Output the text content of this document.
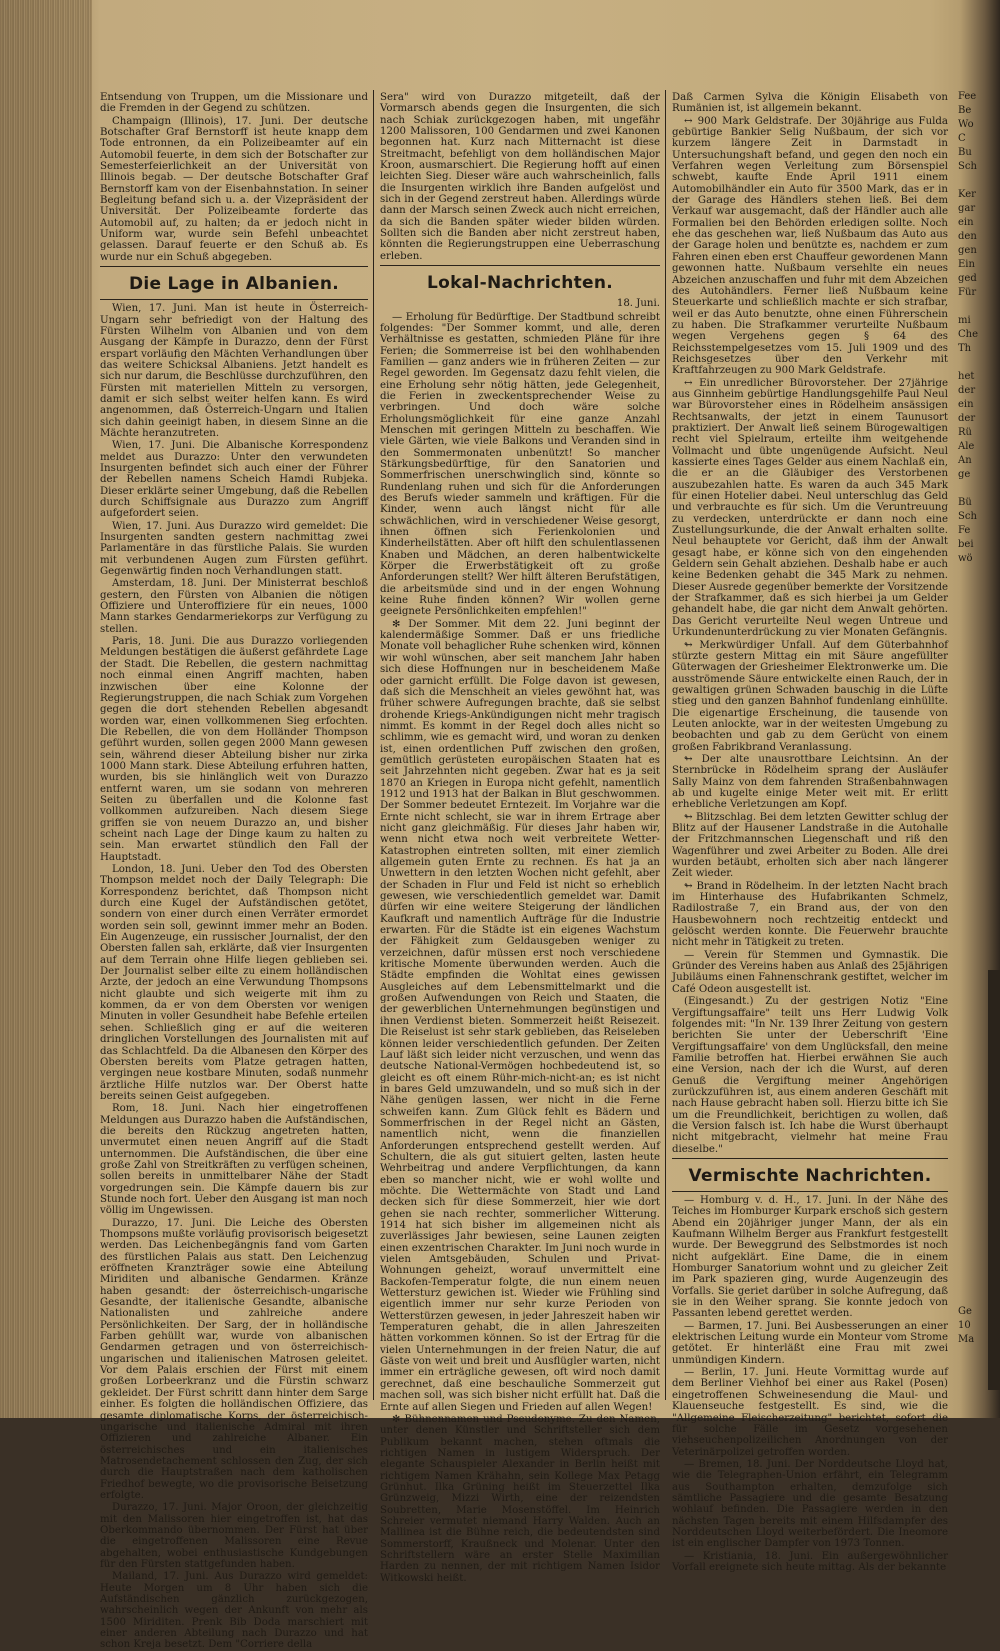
Entsendung von Truppen, um die Missionare und die Fremden in der Gegend zu schützen.

Champaign (Illinois), 17. Juni. Der deutsche Botschafter Graf Bernstorff ist heute knapp dem Tode entronnen, da ein Polizeibeamter auf ein Automobil feuerte, in dem sich der Botschafter zur Semesterfeierlichkeit an der Universität von Illinois begab. — Der deutsche Botschafter Graf Bernstorff kam von der Eisenbahnstation. In seiner Begleitung befand sich u. a. der Vizepräsident der Universität. Der Polizeibeamte forderte das Automobil auf, zu halten; da er jedoch nicht in Uniform war, wurde sein Befehl unbeachtet gelassen. Darauf feuerte er den Schuß ab. Es wurde nur ein Schuß abgegeben.

Die Lage in Albanien.

Wien, 17. Juni. Man ist heute in Österreich-Ungarn sehr befriedigt von der Haltung des Fürsten Wilhelm von Albanien und von dem Ausgang der Kämpfe in Durazzo, denn der Fürst erspart vorläufig den Mächten Verhandlungen über das weitere Schicksal Albaniens. Jetzt handelt es sich nur darum, die Beschlüsse durchzuführen, den Fürsten mit materiellen Mitteln zu versorgen, damit er sich selbst weiter helfen kann. Es wird angenommen, daß Österreich-Ungarn und Italien sich dahin geeinigt haben, in diesem Sinne an die Mächte heranzutreten.

Wien, 17. Juni. Die Albanische Korrespondenz meldet aus Durazzo: Unter den verwundeten Insurgenten befindet sich auch einer der Führer der Rebellen namens Scheich Hamdi Rubjeka. Dieser erklärte seiner Umgebung, daß die Rebellen durch Schiffsignale aus Durazzo zum Angriff aufgefordert seien.

Wien, 17. Juni. Aus Durazzo wird gemeldet: Die Insurgenten sandten gestern nachmittag zwei Parlamentäre in das fürstliche Palais. Sie wurden mit verbundenen Augen zum Fürsten geführt. Gegenwärtig finden noch Verhandlungen statt.

Amsterdam, 18. Juni. Der Ministerrat beschloß gestern, den Fürsten von Albanien die nötigen Offiziere und Unteroffiziere für ein neues, 1000 Mann starkes Gendarmeriekorps zur Verfügung zu stellen.

Paris, 18. Juni. Die aus Durazzo vorliegenden Meldungen bestätigen die äußerst gefährdete Lage der Stadt. Die Rebellen, die gestern nachmittag noch einmal einen Angriff machten, haben inzwischen über eine Kolonne der Regierungstruppen, die nach Schiak zum Vorgehen gegen die dort stehenden Rebellen abgesandt worden war, einen vollkommenen Sieg erfochten. Die Rebellen, die von dem Holländer Thompson geführt wurden, sollen gegen 2000 Mann gewesen sein, während dieser Abteilung bisher nur zirka 1000 Mann stark. Diese Abteilung erfuhren hatten, wurden, bis sie hinlänglich weit von Durazzo entfernt waren, um sie sodann von mehreren Seiten zu überfallen und die Kolonne fast vollkommen aufzureiben. Nach diesem Siege griffen sie von neuem Durazzo an, und bisher scheint nach Lage der Dinge kaum zu halten zu sein. Man erwartet stündlich den Fall der Hauptstadt.

London, 18. Juni. Ueber den Tod des Obersten Thompson meldet noch der Daily Telegraph: Die Korrespondenz berichtet, daß Thompson nicht durch eine Kugel der Aufständischen getötet, sondern von einer durch einen Verräter ermordet worden sein soll, gewinnt immer mehr an Boden. Ein Augenzeuge, ein russischer Journalist, der den Obersten fallen sah, erklärte, daß vier Insurgenten auf dem Terrain ohne Hilfe liegen geblieben sei. Der Journalist selber eilte zu einem holländischen Arzte, der jedoch an eine Verwundung Thompsons nicht glaubte und sich weigerte mit ihm zu kommen, da er von dem Obersten vor wenigen Minuten in voller Gesundheit habe Befehle erteilen sehen. Schließlich ging er auf die weiteren dringlichen Vorstellungen des Journalisten mit auf das Schlachtfeld. Da die Albanesen den Körper des Obersten bereits vom Platze getragen hatten, vergingen neue kostbare Minuten, sodaß nunmehr ärztliche Hilfe nutzlos war. Der Oberst hatte bereits seinen Geist aufgegeben.

Rom, 18. Juni. Nach hier eingetroffenen Meldungen aus Durazzo haben die Aufständischen, die bereits den Rückzug angetreten hatten, unvermutet einen neuen Angriff auf die Stadt unternommen. Die Aufständischen, die über eine große Zahl von Streitkräften zu verfügen scheinen, sollen bereits in unmittelbarer Nähe der Stadt vorgedrungen sein. Die Kämpfe dauern bis zur Stunde noch fort. Ueber den Ausgang ist man noch völlig im Ungewissen.

Durazzo, 17. Juni. Die Leiche des Obersten Thompsons mußte vorläufig provisorisch beigesetzt werden. Das Leichenbegängnis fand vom Garten des fürstlichen Palais aus statt. Den Leichenzug eröffneten Kranzträger sowie eine Abteilung Miriditen und albanische Gendarmen. Kränze haben gesandt: der österreichisch-ungarische Gesandte, der italienische Gesandte, albanische Nationalisten und zahlreiche andere Persönlichkeiten. Der Sarg, der in holländische Farben gehüllt war, wurde von albanischen Gendarmen getragen und von österreichisch-ungarischen und italienischen Matrosen geleitet. Vor dem Palais erschien der Fürst mit einem großen Lorbeerkranz und die Fürstin schwarz gekleidet. Der Fürst schritt dann hinter dem Sarge einher. Es folgten die holländischen Offiziere, das gesamte diplomatische Korps, der österreichisch-ungarische und italienische Admiral mit ihren Offizieren und zahlreiche Albaner. Ein österreichisches und ein italienisches Matrosendetachement schlossen den Zug, der sich durch die Hauptstraßen nach dem katholischen Friedhof bewegte, wo die provisorische Beisetzung erfolgte.

Durazzo, 17. Juni. Major Oroon, der gleichzeitig mit den Malissoren hier eingetroffen ist, hat das Oberkommando übernommen. Der Fürst hat über die eingetroffenen Malissoren eine Revue abgehalten, wobei enthusiastische Kundgebungen für den Fürsten stattgefunden haben.

Mailand, 17. Juni. Aus Durazzo wird gemeldet: Heute Morgen um 8 Uhr haben sich die Aufständischen gänzlich zurückgezogen, wahrscheinlich wegen der Ankunft von mehr als 1500 Miriditen. Prenk Bib Doda marschiert mit einer anderen Abteilung nach Durazzo und hat schon Kreja besetzt. Dem "Corriere della

Sera" wird von Durazzo mitgeteilt, daß der Vormarsch abends gegen die Insurgenten, die sich nach Schiak zurückgezogen haben, mit ungefähr 1200 Malissoren, 100 Gendarmen und zwei Kanonen begonnen hat. Kurz nach Mitternacht ist diese Streitmacht, befehligt von dem holländischen Major Kroon, ausmarschiert. Die Regierung hofft auf einen leichten Sieg. Dieser wäre auch wahrscheinlich, falls die Insurgenten wirklich ihre Banden aufgelöst und sich in der Gegend zerstreut haben. Allerdings würde dann der Marsch seinen Zweck auch nicht erreichen, da sich die Banden später wieder bilden würden. Sollten sich die Banden aber nicht zerstreut haben, könnten die Regierungstruppen eine Ueberraschung erleben.

Lokal-Nachrichten.
18. Juni.

— Erholung für Bedürftige. Der Stadtbund schreibt folgendes: "Der Sommer kommt, und alle, deren Verhältnisse es gestatten, schmieden Pläne für ihre Ferien; die Sommerreise ist bei den wohlhabenden Familien — ganz anders wie in früheren Zeiten — zur Regel geworden. Im Gegensatz dazu fehlt vielen, die eine Erholung sehr nötig hätten, jede Gelegenheit, die Ferien in zweckentsprechender Weise zu verbringen. Und doch wäre solche Erholungsmöglichkeit für eine ganze Anzahl Menschen mit geringen Mitteln zu beschaffen. Wie viele Gärten, wie viele Balkons und Veranden sind in den Sommermonaten unbenützt! So mancher Stärkungsbedürftige, für den Sanatorien und Sommerfrischen unerschwinglich sind, könnte so Rundenlang ruhen und sich für die Anforderungen des Berufs wieder sammeln und kräftigen. Für die Kinder, wenn auch längst nicht für alle schwächlichen, wird in verschiedener Weise gesorgt, ihnen öffnen sich Ferienkolonien und Kinderheilstätten. Aber oft hilft den schulentlassenen Knaben und Mädchen, an deren halbentwickelte Körper die Erwerbstätigkeit oft zu große Anforderungen stellt? Wer hilft älteren Berufstätigen, die arbeitsmüde sind und in der engen Wohnung keine Ruhe finden können? Wir wollen gerne geeignete Persönlichkeiten empfehlen!"

✻ Der Sommer. Mit dem 22. Juni beginnt der kalendermäßige Sommer. Daß er uns friedliche Monate voll behaglicher Ruhe schenken wird, können wir wohl wünschen, aber seit manchem Jahr haben sich diese Hoffnungen nur in bescheidenem Maße oder garnicht erfüllt. Die Folge davon ist gewesen, daß sich die Menschheit an vieles gewöhnt hat, was früher schwere Aufregungen brachte, daß sie selbst drohende Kriegs-Ankündigungen nicht mehr tragisch nimmt. Es kommt in der Regel doch alles nicht so schlimm, wie es gemacht wird, und woran zu denken ist, einen ordentlichen Puff zwischen den großen, gemütlich gerüsteten europäischen Staaten hat es seit Jahrzehnten nicht gegeben. Zwar hat es ja seit 1870 an Kriegen in Europa nicht gefehlt, namentlich 1912 und 1913 hat der Balkan in Blut geschwommen. Der Sommer bedeutet Erntezeit. Im Vorjahre war die Ernte nicht schlecht, sie war in ihrem Ertrage aber nicht ganz gleichmäßig. Für dieses Jahr haben wir, wenn nicht etwa noch weit verbreitete Wetter-Katastrophen eintreten sollten, mit einer ziemlich allgemein guten Ernte zu rechnen. Es hat ja an Unwettern in den letzten Wochen nicht gefehlt, aber der Schaden in Flur und Feld ist nicht so erheblich gewesen, wie verschiedentlich gemeldet war. Damit dürfen wir eine weitere Steigerung der ländlichen Kaufkraft und namentlich Aufträge für die Industrie erwarten. Für die Städte ist ein eigenes Wachstum der Fähigkeit zum Geldausgeben weniger zu verzeichnen, dafür müssen erst noch verschiedene kritische Momente überwunden werden. Auch die Städte empfinden die Wohltat eines gewissen Ausgleiches auf dem Lebensmittelmarkt und die großen Aufwendungen von Reich und Staaten, die der gewerblichen Unternehmungen begünstigen und ihnen Verdienst bieten. Sommerzeit heißt Reisezeit. Die Reiselust ist sehr stark geblieben, das Reiseleben können leider verschiedentlich gefunden. Der Zeiten Lauf läßt sich leider nicht verzuschen, und wenn das deutsche National-Vermögen hochbedeutend ist, so gleicht es oft einem Rühr-mich-nicht-an; es ist nicht in bares Geld umzuwandeln, und so muß sich in der Nähe genügen lassen, wer nicht in die Ferne schweifen kann. Zum Glück fehlt es Bädern und Sommerfrischen in der Regel nicht an Gästen, namentlich nicht, wenn die finanziellen Anforderungen entsprechend gestellt werden. Auf Schultern, die als gut situiert gelten, lasten heute Wehrbeitrag und andere Verpflichtungen, da kann eben so mancher nicht, wie er wohl wollte und möchte. Die Wettermächte von Stadt und Land decken sich für diese Sommerzeit, hier wie dort gehen sie nach rechter, sommerlicher Witterung. 1914 hat sich bisher im allgemeinen nicht als zuverlässiges Jahr bewiesen, seine Launen zeigten einen exzentrischen Charakter. Im Juni noch wurde in vielen Amtsgebäuden, Schulen und Privat-Wohnungen geheizt, worauf unvermittelt eine Backofen-Temperatur folgte, die nun einem neuen Wettersturz gewichen ist. Wieder wie Frühling sind eigentlich immer nur sehr kurze Perioden von Wetterstürzen gewesen, in jeder Jahreszeit haben wir Temperaturen gehabt, die in allen Jahreszeiten hätten vorkommen können. So ist der Ertrag für die vielen Unternehmungen in der freien Natur, die auf Gäste von weit und breit und Ausflügler warten, nicht immer ein erträgliche gewesen, oft wird noch damit gerechnet, daß eine beschauliche Sommerzeit gut machen soll, was sich bisher nicht erfüllt hat. Daß die Ernte auf allen Siegen und Frieden auf allen Wegen!

✻ Bühnennamen und Pseudonyme. Zu den Namen, unter denen Künstler und Schriftsteller sich dem Publikum bekannt machen, stehen oftmals die richtigen Namen in lustigem Widerspruch. Der elegante Schauspieler Alexander in Berlin heißt mit richtigem Namen Krähahn, sein Kollege Max Petagg Grünhut. Ilka Grüning heißt im Steuerzettel Ilka Grünzweig, Mizzi Wirth, eine der reizendsten Soubretten, Marie Mosenstöffel. Im Heinrich Schreier vermutet niemand Harry Walden. Auch an Mallinea ist die Bühne reich, die bedeutendsten sind Sommerstorff, Kraußneck und Molenar. Unter den Schriftstellern wäre an erster Stelle Maximilian Harden zu nennen, der mit richtigem Namen Isidor Witkowski heißt.

Daß Carmen Sylva die Königin Elisabeth von Rumänien ist, ist allgemein bekannt.

↔ 900 Mark Geldstrafe. Der 30jährige aus Fulda gebürtige Bankier Selig Nußbaum, der sich vor kurzem längere Zeit in Darmstadt in Untersuchungshaft befand, und gegen den noch ein Verfahren wegen Verleitung zum Börsenspiel schwebt, kaufte Ende April 1911 einem Automobilhändler ein Auto für 3500 Mark, das er in der Garage des Händlers stehen ließ. Bei dem Verkauf war ausgemacht, daß der Händler auch alle Formalien bei den Behörden erledigen sollte. Noch ehe das geschehen war, ließ Nußbaum das Auto aus der Garage holen und benützte es, nachdem er zum Fahren einen eben erst Chauffeur gewordenen Mann gewonnen hatte. Nußbaum versehlte ein neues Abzeichen anzuschaffen und fuhr mit dem Abzeichen des Autohändlers. Ferner ließ Nußbaum keine Steuerkarte und schließlich machte er sich strafbar, weil er das Auto benutzte, ohne einen Führerschein zu haben. Die Strafkammer verurteilte Nußbaum wegen Vergehens gegen § 64 des Reichsstempelgesetzes vom 15. Juli 1909 und des Reichsgesetzes über den Verkehr mit Kraftfahrzeugen zu 900 Mark Geldstrafe.

↔ Ein unredlicher Bürovorsteher. Der 27jährige aus Ginnheim gebürtige Handlungsgehilfe Paul Neul war Bürovorsteher eines in Rödelheim ansässigen Rechtsanwalts, der jetzt in einem Taunusort praktiziert. Der Anwalt ließ seinem Bürogewaltigen recht viel Spielraum, erteilte ihm weitgehende Vollmacht und übte ungenügende Aufsicht. Neul kassierte eines Tages Gelder aus einem Nachlaß ein, die er an die Gläubiger des Verstorbenen auszubezahlen hatte. Es waren da auch 345 Mark für einen Hotelier dabei. Neul unterschlug das Geld und verbrauchte es für sich. Um die Veruntreuung zu verdecken, unterdrückte er dann noch eine Zustellungsurkunde, die der Anwalt erhalten sollte. Neul behauptete vor Gericht, daß ihm der Anwalt gesagt habe, er könne sich von den eingehenden Geldern sein Gehalt abziehen. Deshalb habe er auch keine Bedenken gehabt die 345 Mark zu nehmen. Dieser Ausrede gegenüber bemerkte der Vorsitzende der Strafkammer, daß es sich hierbei ja um Gelder gehandelt habe, die gar nicht dem Anwalt gehörten. Das Gericht verurteilte Neul wegen Untreue und Urkundenunterdrückung zu vier Monaten Gefängnis.

↬ Merkwürdiger Unfall. Auf dem Güterbahnhof stürzte gestern Mittag ein mit Säure angefüllter Güterwagen der Griesheimer Elektronwerke um. Die ausströmende Säure entwickelte einen Rauch, der in gewaltigen grünen Schwaden bauschig in die Lüfte stieg und den ganzen Bahnhof fundenlang einhüllte. Die eigenartige Erscheinung, die tausende von Leuten anlockte, war in der weitesten Umgebung zu beobachten und gab zu dem Gerücht von einem großen Fabrikbrand Veranlassung.

↬ Der alte unausrottbare Leichtsinn. An der Sternbrücke in Rödelheim sprang der Ausläufer Sally Mainz von dem fahrenden Straßenbahnwagen ab und kugelte einige Meter weit mit. Er erlitt erhebliche Verletzungen am Kopf.

↬ Blitzschlag. Bei dem letzten Gewitter schlug der Blitz auf der Hausener Landstraße in die Autohalle der Fritzchmannschen Liegenschaft und riß den Wagenführer und zwei Arbeiter zu Boden. Alle drei wurden betäubt, erholten sich aber nach längerer Zeit wieder.

↬ Brand in Rödelheim. In der letzten Nacht brach im Hinterhause des Hufabrikanten Schmelz, Radilostraße 7, ein Brand aus, der von den Hausbewohnern noch rechtzeitig entdeckt und gelöscht werden konnte. Die Feuerwehr brauchte nicht mehr in Tätigkeit zu treten.

— Verein für Stemmen und Gymnastik. Die Gründer des Vereins haben aus Anlaß des 25jährigen Jubiläums einen Fahnenschrank gestiftet, welcher im Café Odeon ausgestellt ist.

(Eingesandt.) Zu der gestrigen Notiz "Eine Vergiftungsaffaire" teilt uns Herr Ludwig Volk folgendes mit: "In Nr. 139 Ihrer Zeitung von gestern berichten Sie unter der Ueberschrift 'Eine Vergiftungsaffaire' von dem Unglücksfall, den meine Familie betroffen hat. Hierbei erwähnen Sie auch eine Version, nach der ich die Wurst, auf deren Genuß die Vergiftung meiner Angehörigen zurückzuführen ist, aus einem anderen Geschäft mit nach Hause gebracht haben soll. Hierzu bitte ich Sie um die Freundlichkeit, berichtigen zu wollen, daß die Version falsch ist. Ich habe die Wurst überhaupt nicht mitgebracht, vielmehr hat meine Frau dieselbe."

Vermischte Nachrichten.

— Homburg v. d. H., 17. Juni. In der Nähe des Teiches im Homburger Kurpark erschoß sich gestern Abend ein 20jähriger junger Mann, der als ein Kaufmann Wilhelm Berger aus Frankfurt festgestellt wurde. Der Beweggrund des Selbstmordes ist noch nicht aufgeklärt. Eine Dame, die in einem Homburger Sanatorium wohnt und zu gleicher Zeit im Park spazieren ging, wurde Augenzeugin des Vorfalls. Sie geriet darüber in solche Aufregung, daß sie in den Weiher sprang. Sie konnte jedoch von Passanten lebend gerettet werden.

— Barmen, 17. Juni. Bei Ausbesserungen an einer elektrischen Leitung wurde ein Monteur vom Strome getötet. Er hinterläßt eine Frau mit zwei unmündigen Kindern.

— Berlin, 17. Juni. Heute Vormittag wurde auf dem Berliner Viehhof bei einer aus Rakel (Posen) eingetroffenen Schweinesendung die Maul- und Klauenseuche festgestellt. Es sind, wie die "Allgemeine Fleischerzeitung" berichtet, sofort die für solche Fälle im Gesetz vorgesehenen viehseuchenpolizeilichen Anordnungen von der Veterinärpolizei getroffen worden.

— Bremen, 18. Juni. Der Norddeutsche Lloyd hat, wie die Telegraphen-Union erfährt, ein Telegramm aus Southampton erhalten, demzufolge sich sämtliche Passagiere und die gesamte Besatzung wohlauf befinden. Die Passagiere werden in den nächsten Tagen bereits mit einem Hilfsdampfer des Norddeutschen Lloyd weiterbefördert. Die Ineomore ist ein englischer Dampfer von 1973 Tonnen.

— Kristiania, 18. Juni. Ein außergewöhnlicher Vorfall ereignete sich heute mittag. Als der bekannte

Fee
Be
Wo
C
Bu
Sch

Ker
gar
ein
den
gen
Ein
ged
Für

mi
Che
Th

het
der
ein
der
Rü
Ale
An
ge

Bü
Sch
Fe
bei
wö
Ge
10
Ma
